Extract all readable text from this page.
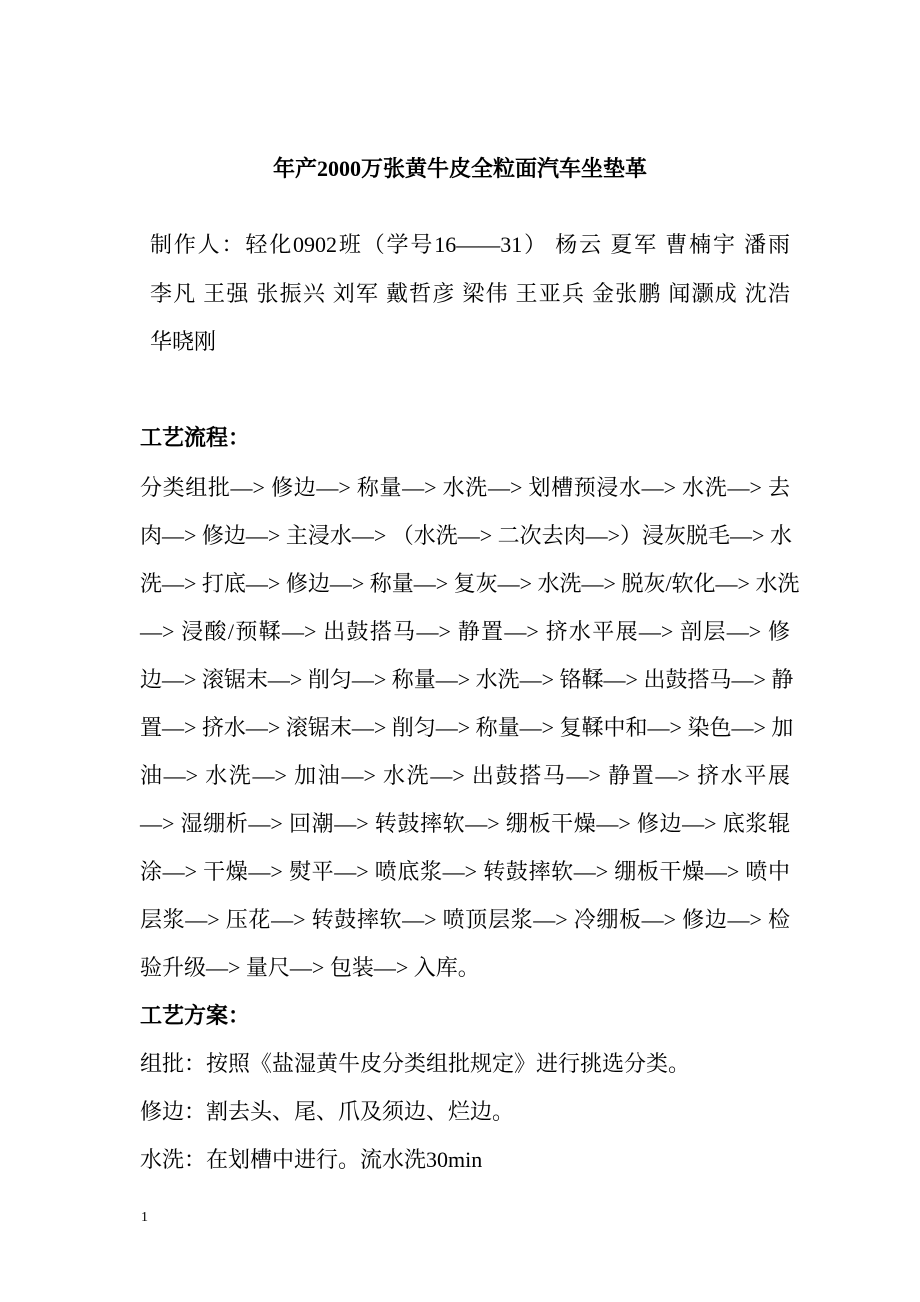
年产2000万张黄牛皮全粒面汽车坐垫革
制作人：轻化0902班（学号16——31） 杨云 夏军 曹楠宇 潘雨
李凡 王强 张振兴 刘军 戴哲彦 梁伟 王亚兵 金张鹏 闻灏成 沈浩
华晓刚
工艺流程：
分类组批—> 修边—> 称量—> 水洗—> 划槽预浸水—> 水洗—> 去
肉—> 修边—> 主浸水—> （水洗—> 二次去肉—>）浸灰脱毛—> 水
洗—> 打底—> 修边—> 称量—> 复灰—> 水洗—> 脱灰/软化—> 水洗
—> 浸酸/预鞣—> 出鼓搭马—> 静置—> 挤水平展—> 剖层—> 修
边—> 滚锯末—> 削匀—> 称量—> 水洗—> 铬鞣—> 出鼓搭马—> 静
置—> 挤水—> 滚锯末—> 削匀—> 称量—> 复鞣中和—> 染色—> 加
油—> 水洗—> 加油—> 水洗—> 出鼓搭马—> 静置—> 挤水平展
—> 湿绷析—> 回潮—> 转鼓摔软—> 绷板干燥—> 修边—> 底浆辊
涂—> 干燥—> 熨平—> 喷底浆—> 转鼓摔软—> 绷板干燥—> 喷中
层浆—> 压花—> 转鼓摔软—> 喷顶层浆—> 冷绷板—> 修边—> 检
验升级—> 量尺—> 包装—> 入库。
工艺方案：
组批：按照《盐湿黄牛皮分类组批规定》进行挑选分类。
修边：割去头、尾、爪及须边、烂边。
水洗：在划槽中进行。流水洗30min
1
